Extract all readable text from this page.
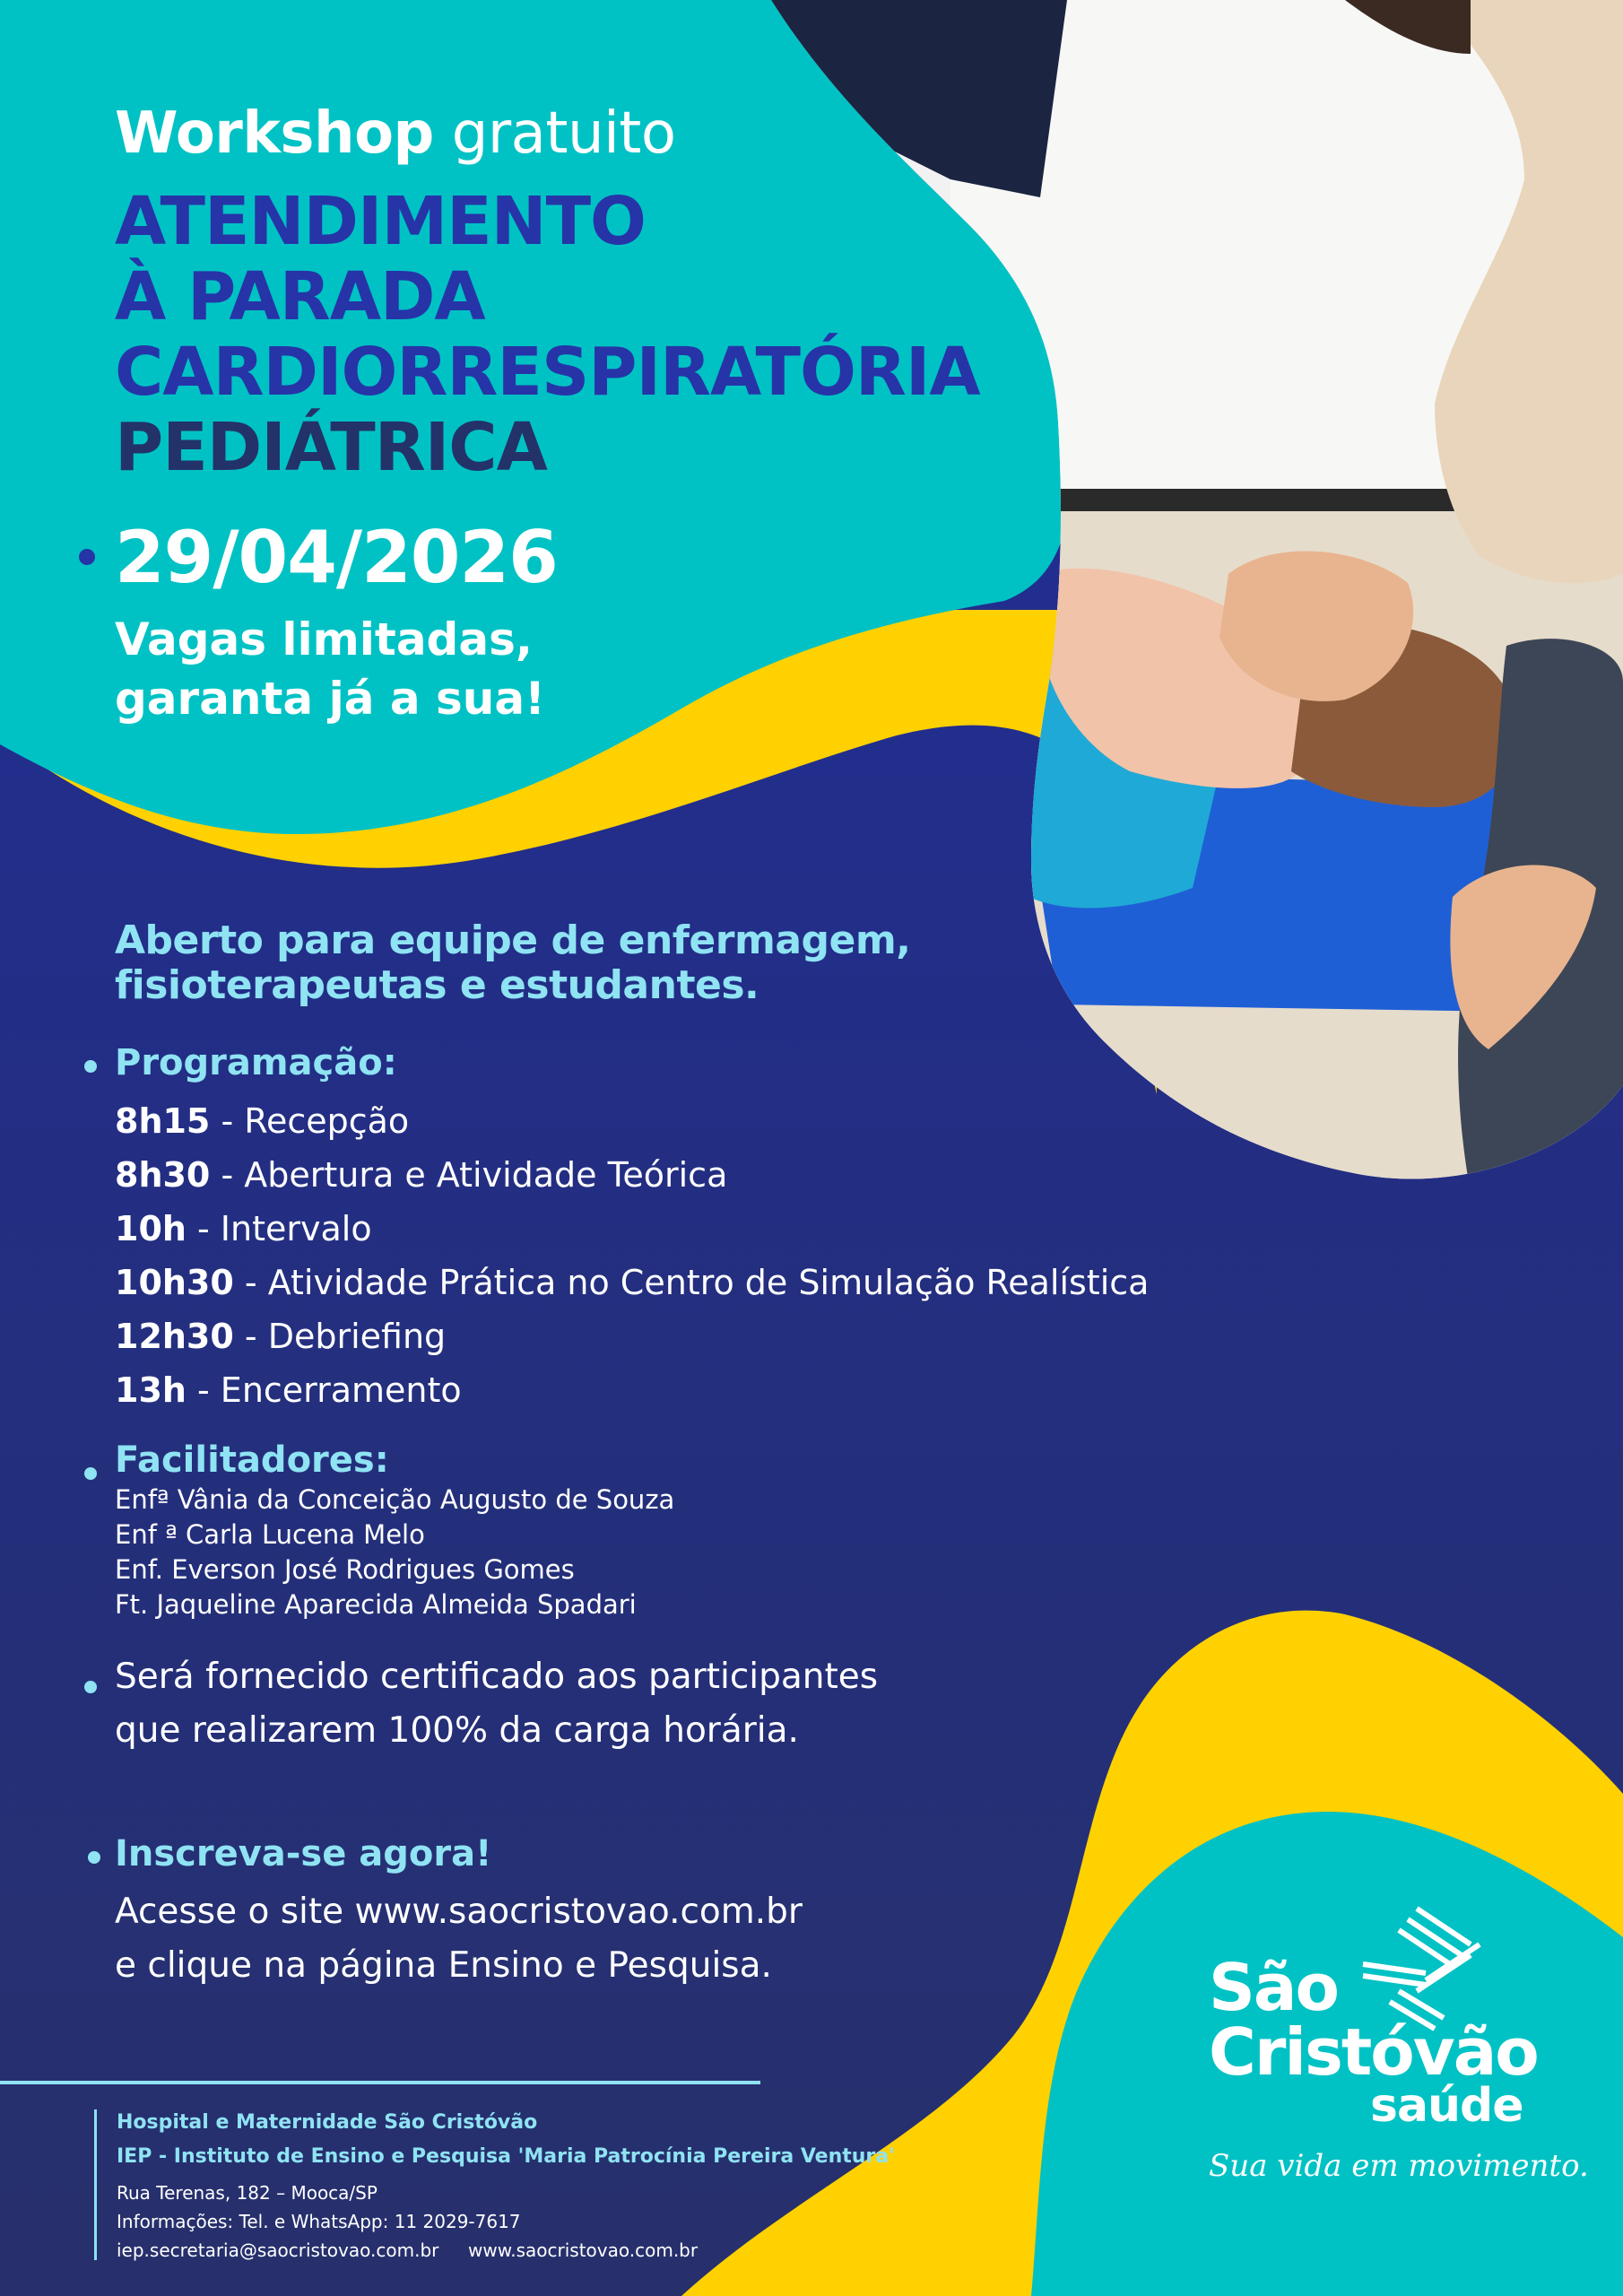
Workshop gratuito
ATENDIMENTO
À PARADA
CARDIORRESPIRATÓRIA
PEDIÁTRICA
29/04/2026
Vagas limitadas,
garanta já a sua!
Aberto para equipe de enfermagem,
fisioterapeutas e estudantes.
Programação:
8h15 - Recepção
8h30 - Abertura e Atividade Teórica
10h - Intervalo
10h30 - Atividade Prática no Centro de Simulação Realística
12h30 - Debriefing
13h - Encerramento
Facilitadores:
Enfª Vânia da Conceição Augusto de Souza
Enf ª Carla Lucena Melo
Enf. Everson José Rodrigues Gomes
Ft. Jaqueline Aparecida Almeida Spadari
Será fornecido certificado aos participantes
que realizarem 100% da carga horária.
Inscreva-se agora!
Acesse o site www.saocristovao.com.br
e clique na página Ensino e Pesquisa.
Hospital e Maternidade São Cristóvão
IEP - Instituto de Ensino e Pesquisa 'Maria Patrocínia Pereira Ventura'
Rua Terenas, 182 – Mooca/SP
Informações: Tel. e WhatsApp: 11 2029-7617
iep.secretaria@saocristovao.com.br www.saocristovao.com.br
São
Cristóvão
saúde
Sua vida em movimento.
